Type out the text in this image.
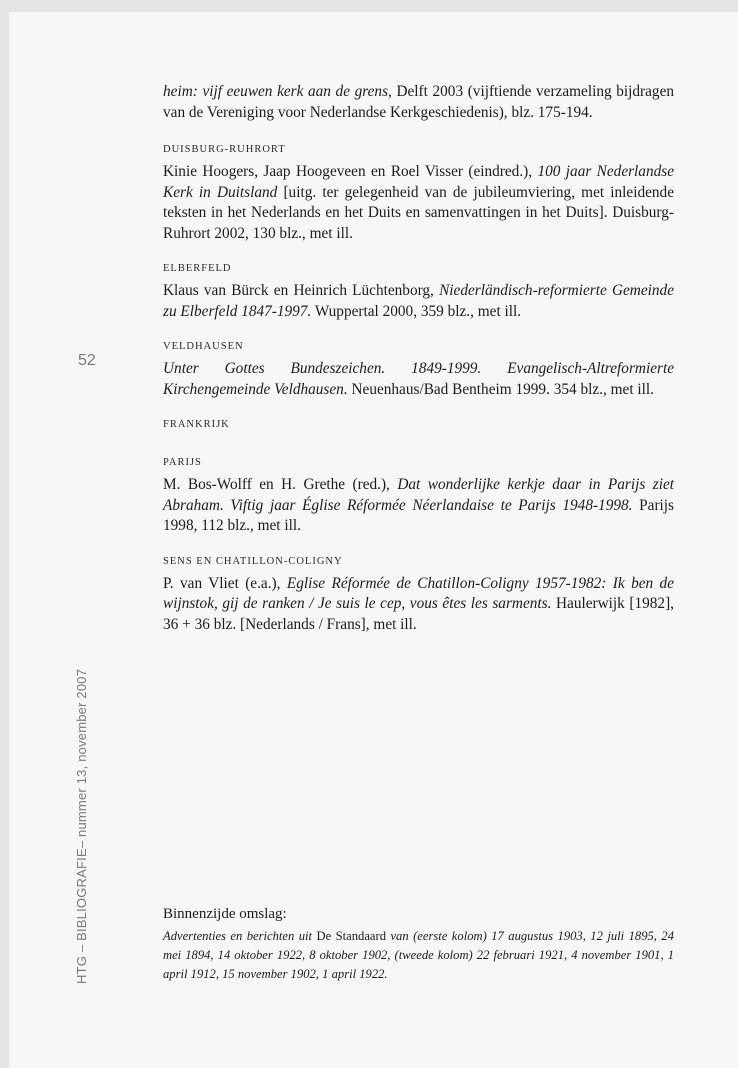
52
HTG – BIBLIOGRAFIE– nummer 13, november 2007

heim: vijf eeuwen kerk aan de grens, Delft 2003 (vijftiende verzameling bijdragen van de Vereniging voor Nederlandse Kerkgeschiedenis), blz. 175-194.

DUISBURG-RUHRORT

Kinie Hoogers, Jaap Hoogeveen en Roel Visser (eindred.), 100 jaar Nederlandse Kerk in Duitsland [uitg. ter gelegenheid van de jubileumviering, met inleidende teksten in het Nederlands en het Duits en samenvattingen in het Duits]. Duisburg-Ruhrort 2002, 130 blz., met ill.

ELBERFELD

Klaus van Bürck en Heinrich Lüchtenborg, Niederländisch-reformierte Gemeinde zu Elberfeld 1847-1997. Wuppertal 2000, 359 blz., met ill.

VELDHAUSEN

Unter Gottes Bundeszeichen. 1849-1999. Evangelisch-Altreformierte Kirchengemeinde Veldhausen. Neuenhaus/Bad Bentheim 1999. 354 blz., met ill.

FRANKRIJK
PARIJS

M. Bos-Wolff en H. Grethe (red.), Dat wonderlijke kerkje daar in Parijs ziet Abraham. Viftig jaar Église Réformée Néerlandaise te Parijs 1948-1998. Parijs 1998, 112 blz., met ill.

SENS EN CHATILLON-COLIGNY

P. van Vliet (e.a.), Eglise Réformée de Chatillon-Coligny 1957-1982: Ik ben de wijnstok, gij de ranken / Je suis le cep, vous êtes les sarments. Haulerwijk [1982], 36 + 36 blz. [Nederlands / Frans], met ill.

Binnenzijde omslag:

Advertenties en berichten uit De Standaard van (eerste kolom) 17 augustus 1903, 12 juli 1895, 24 mei 1894, 14 oktober 1922, 8 oktober 1902, (tweede kolom) 22 februari 1921, 4 november 1901, 1 april 1912, 15 november 1902, 1 april 1922.
